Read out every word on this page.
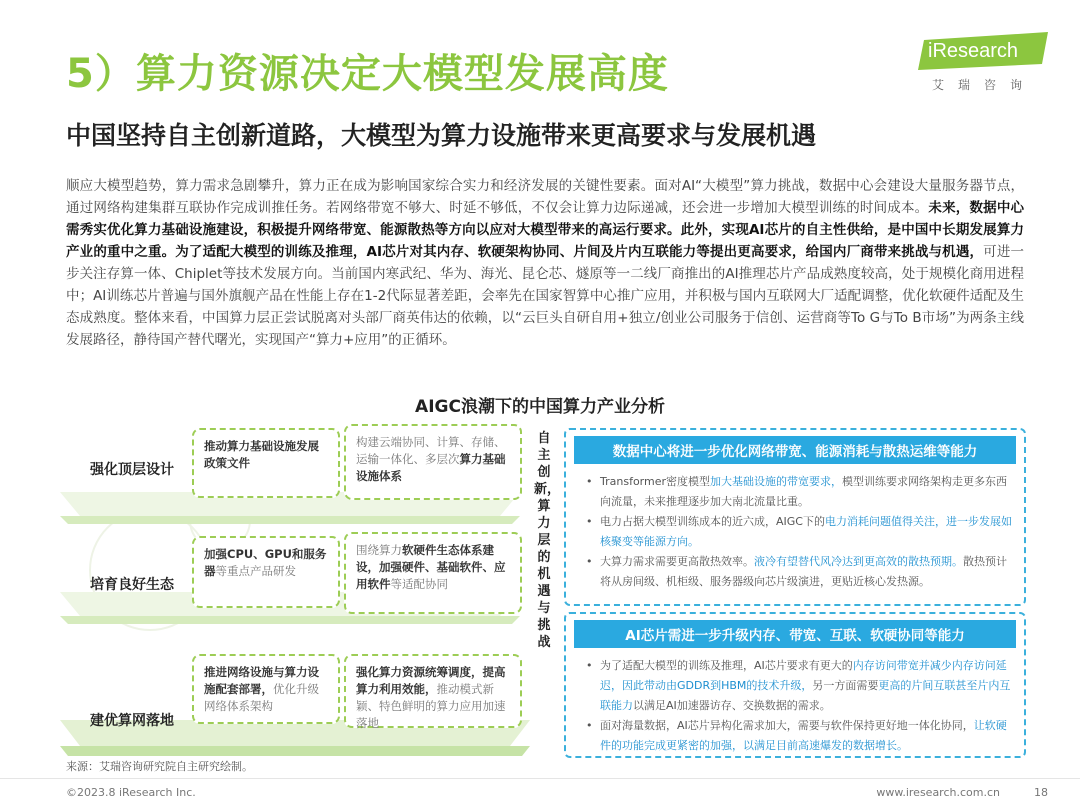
5）算力资源决定大模型发展高度
中国坚持自主创新道路，大模型为算力设施带来更高要求与发展机遇
iResearch
艾瑞咨询
顺应大模型趋势，算力需求急剧攀升，算力正在成为影响国家综合实力和经济发展的关键性要素。面对AI“大模型”算力挑战，数据中心会建设大量服务器节点，通过网络构建集群互联协作完成训推任务。若网络带宽不够大、时延不够低，不仅会让算力边际递减，还会进一步增加大模型训练的时间成本。未来，数据中心需秀实优化算力基础设施建设，积极提升网络带宽、能源散热等方向以应对大模型带来的高运行要求。此外，实现AI芯片的自主性供给，是中国中长期发展算力产业的重中之重。为了适配大模型的训练及推理，AI芯片对其内存、软硬架构协同、片间及片内互联能力等提出更高要求，给国内厂商带来挑战与机遇，可进一步关注存算一体、Chiplet等技术发展方向。当前国内寒武纪、华为、海光、昆仑芯、燧原等一二线厂商推出的AI推理芯片产品成熟度较高，处于规模化商用进程中；AI训练芯片普遍与国外旗舰产品在性能上存在1-2代际显著差距，会率先在国家智算中心推广应用，并积极与国内互联网大厂适配调整，优化软硬件适配及生态成熟度。整体来看，中国算力层正尝试脱离对头部厂商英伟达的依赖，以“云巨头自研自用+独立/创业公司服务于信创、运营商等To G与To B市场”为两条主线发展路径，静待国产替代曙光，实现国产“算力+应用”的正循环。
AIGC浪潮下的中国算力产业分析
强化顶层设计
培育良好生态
建优算网落地
推动算力基础设施发展政策文件
构建云端协同、计算、存储、运输一体化、多层次算力基础设施体系
加强CPU、GPU和服务器等重点产品研发
围绕算力软硬件生态体系建设，加强硬件、基础软件、应用软件等适配协同
推进网络设施与算力设施配套部署，优化升级网络体系架构
强化算力资源统筹调度，提高算力利用效能，推动模式新颖、特色鲜明的算力应用加速落地
自主创新，算力层的机遇与挑战
数据中心将进一步优化网络带宽、能源消耗与散热运维等能力
• Transformer密度模型加大基础设施的带宽要求，模型训练要求网络架构走更多东西向流量，未来推理逐步加大南北流量比重。
• 电力占据大模型训练成本的近六成，AIGC下的电力消耗问题值得关注，进一步发展如核聚变等能源方向。
• 大算力需求需要更高散热效率。液冷有望替代风冷达到更高效的散热预期。散热预计将从房间级、机柜级、服务器级向芯片级演进，更贴近核心发热源。
AI芯片需进一步升级内存、带宽、互联、软硬协同等能力
• 为了适配大模型的训练及推理，AI芯片要求有更大的内存访问带宽并减少内存访问延迟，因此带动由GDDR到HBM的技术升级，另一方面需要更高的片间互联甚至片内互联能力以满足AI加速器访存、交换数据的需求。
• 面对海量数据，AI芯片异构化需求加大，需要与软件保持更好地一体化协同，让软硬件的功能完成更紧密的加强，以满足目前高速爆发的数据增长。
来源：艾瑞咨询研究院自主研究绘制。
©2023.8 iResearch Inc.	www.iresearch.com.cn	18
